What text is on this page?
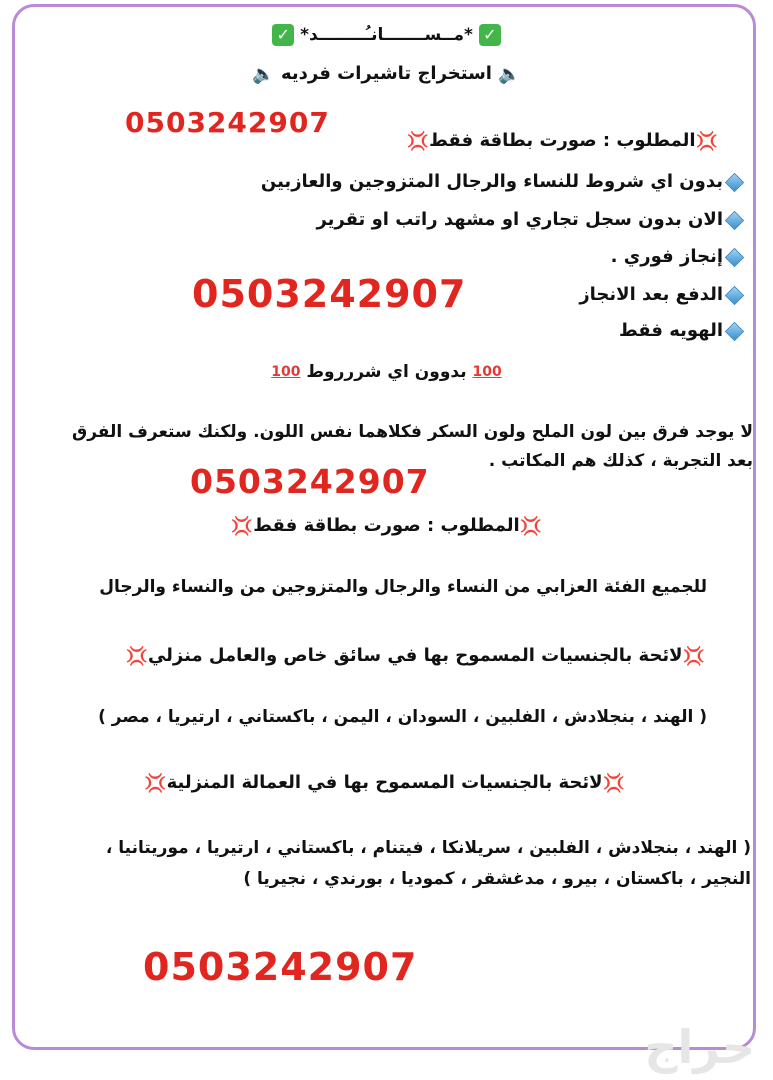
✓ *مــســـــــانـُــــــــد* ✓
🔈 استخراج تاشيرات فرديه 🔈
0503242907
💢المطلوب : صورت بطاقة فقط💢
بدون اي شروط للنساء والرجال المتزوجين والعازبين
الان بدون سجل تجاري او مشهد راتب او تقرير
إنجاز فوري .
0503242907	الدفع بعد الانجاز
الهويه فقط
100 بدوون اي شررروط 100
لا يوجد فرق بين لون الملح ولون السكر فكلاهما نفس اللون. ولكنك ستعرف الفرق
بعد التجربة ، كذلك هم المكاتب .
0503242907
💢المطلوب : صورت بطاقة فقط💢
للجميع الفئة العزابي من النساء والرجال والمتزوجين من والنساء والرجال
💢لائحة بالجنسيات المسموح بها في سائق خاص والعامل منزلي💢
( الهند ، بنجلادش ، الفلبين ، السودان ، اليمن ، باكستاني ، ارتيريا ، مصر )
💢لائحة بالجنسيات المسموح بها في العمالة المنزلية💢
( الهند ، بنجلادش ، الفلبين ، سريلانكا ، فيتنام ، باكستاني ، ارتيريا ، موريتانيا ،
النجير ، باكستان ، بيرو ، مدغشقر ، كموديا ، بورندي ، نجيريا )
0503242907
حراج
